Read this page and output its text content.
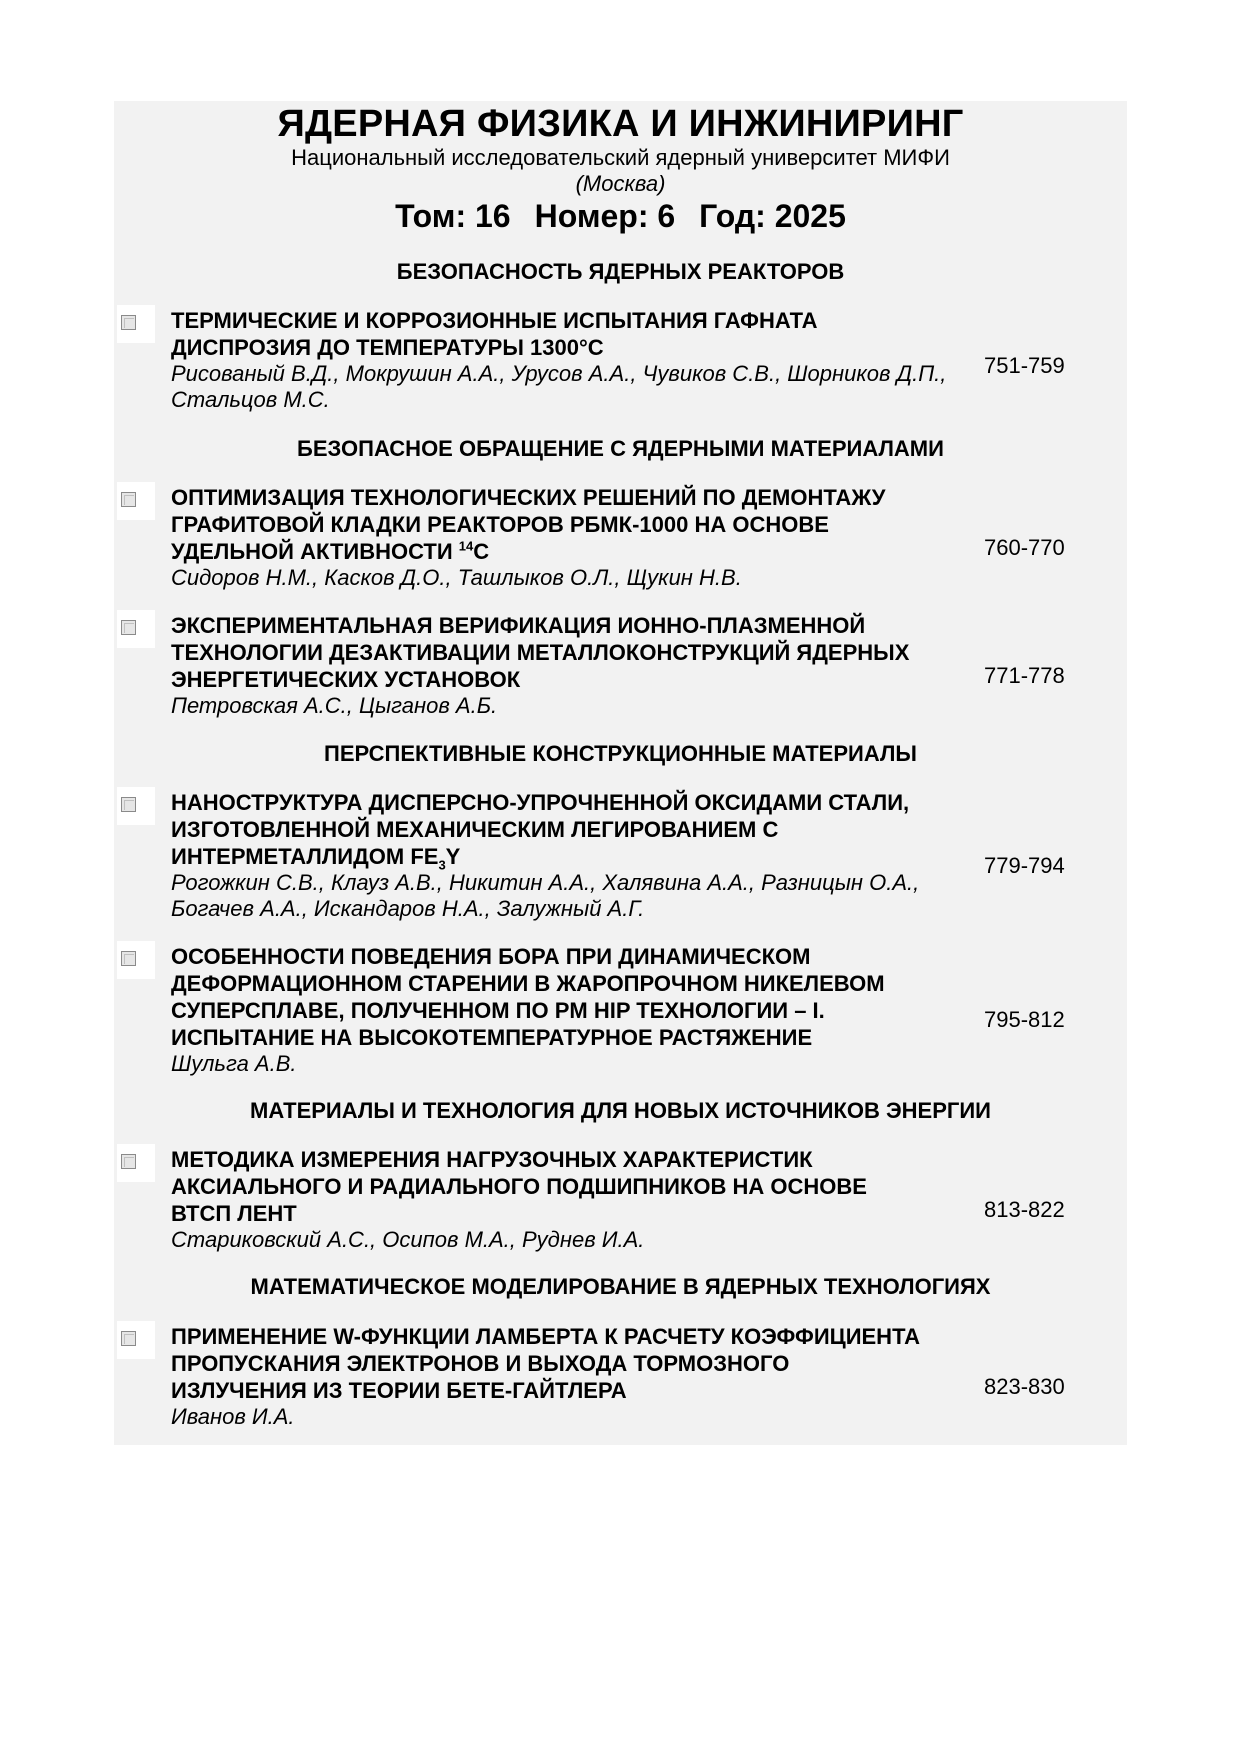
ЯДЕРНАЯ ФИЗИКА И ИНЖИНИРИНГ
Национальный исследовательский ядерный университет МИФИ
(Москва)
Том: 16 Номер: 6 Год: 2025
БЕЗОПАСНОСТЬ ЯДЕРНЫХ РЕАКТОРОВ
ТЕРМИЧЕСКИЕ И КОРРОЗИОННЫЕ ИСПЫТАНИЯ ГАФНАТА ДИСПРОЗИЯ ДО ТЕМПЕРАТУРЫ 1300°C
Рисованый В.Д., Мокрушин А.А., Урусов А.А., Чувиков С.В., Шорников Д.П., Стальцов М.С.
751-759
БЕЗОПАСНОЕ ОБРАЩЕНИЕ С ЯДЕРНЫМИ МАТЕРИАЛАМИ
ОПТИМИЗАЦИЯ ТЕХНОЛОГИЧЕСКИХ РЕШЕНИЙ ПО ДЕМОНТАЖУ ГРАФИТОВОЙ КЛАДКИ РЕАКТОРОВ РБМК-1000 НА ОСНОВЕ УДЕЛЬНОЙ АКТИВНОСТИ $^{14}$C
Сидоров Н.М., Касков Д.О., Ташлыков О.Л., Щукин Н.В.
760-770
ЭКСПЕРИМЕНТАЛЬНАЯ ВЕРИФИКАЦИЯ ИОННО-ПЛАЗМЕННОЙ ТЕХНОЛОГИИ ДЕЗАКТИВАЦИИ МЕТАЛЛОКОНСТРУКЦИЙ ЯДЕРНЫХ ЭНЕРГЕТИЧЕСКИХ УСТАНОВОК
Петровская А.С., Цыганов А.Б.
771-778
ПЕРСПЕКТИВНЫЕ КОНСТРУКЦИОННЫЕ МАТЕРИАЛЫ
НАНОСТРУКТУРА ДИСПЕРСНО-УПРОЧНЕННОЙ ОКСИДАМИ СТАЛИ, ИЗГОТОВЛЕННОЙ МЕХАНИЧЕСКИМ ЛЕГИРОВАНИЕМ С ИНТЕРМЕТАЛЛИДОМ $FE_3Y$
Рогожкин С.В., Клауз А.В., Никитин А.А., Халявина А.А., Разницын О.А., Богачев А.А., Искандаров Н.А., Залужный А.Г.
779-794
ОСОБЕННОСТИ ПОВЕДЕНИЯ БОРА ПРИ ДИНАМИЧЕСКОМ ДЕФОРМАЦИОННОМ СТАРЕНИИ В ЖАРОПРОЧНОМ НИКЕЛЕВОМ СУПЕРСПЛАВЕ, ПОЛУЧЕННОМ ПО PM HIP ТЕХНОЛОГИИ – I. ИСПЫТАНИЕ НА ВЫСОКОТЕМПЕРАТУРНОЕ РАСТЯЖЕНИЕ
Шульга А.В.
795-812
МАТЕРИАЛЫ И ТЕХНОЛОГИЯ ДЛЯ НОВЫХ ИСТОЧНИКОВ ЭНЕРГИИ
МЕТОДИКА ИЗМЕРЕНИЯ НАГРУЗОЧНЫХ ХАРАКТЕРИСТИК АКСИАЛЬНОГО И РАДИАЛЬНОГО ПОДШИПНИКОВ НА ОСНОВЕ ВТСП ЛЕНТ
Стариковский А.С., Осипов М.А., Руднев И.А.
813-822
МАТЕМАТИЧЕСКОЕ МОДЕЛИРОВАНИЕ В ЯДЕРНЫХ ТЕХНОЛОГИЯХ
ПРИМЕНЕНИЕ W-ФУНКЦИИ ЛАМБЕРТА К РАСЧЕТУ КОЭФФИЦИЕНТА ПРОПУСКАНИЯ ЭЛЕКТРОНОВ И ВЫХОДА ТОРМОЗНОГО ИЗЛУЧЕНИЯ ИЗ ТЕОРИИ БЕТЕ-ГАЙТЛЕРА
Иванов И.А.
823-830
